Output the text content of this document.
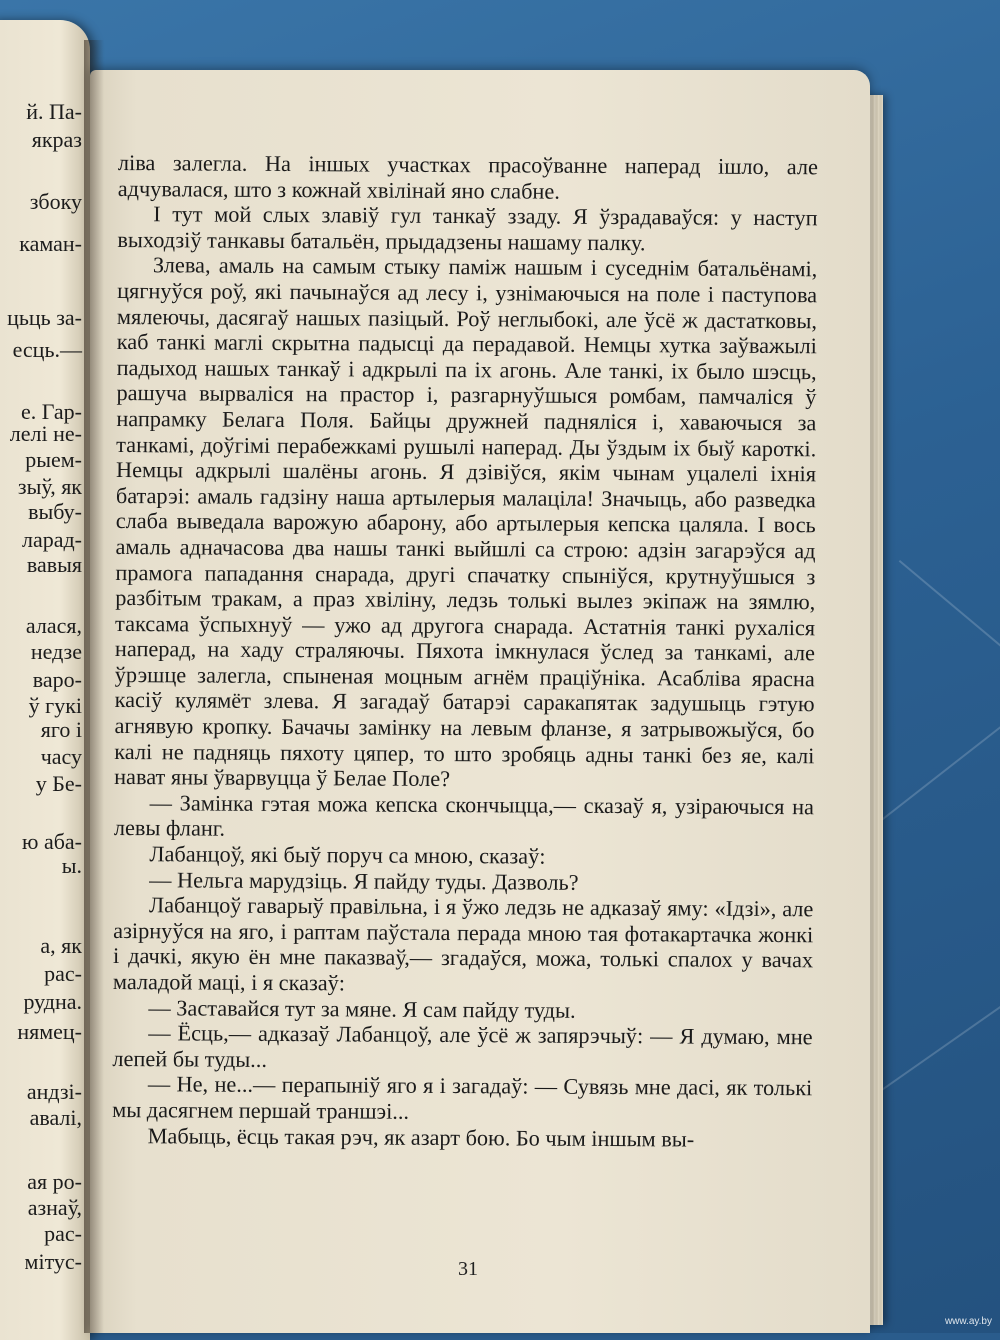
й. Па-
якраз
збоку
каман-
цьць за-
есць.—
е. Гар-
лелі не-
рыем-
зыў, як
выбу-
ларад-
вавыя
алася,
недзе
варо-
ў гукі
яго і
часу
у Бе-
ю аба-
ы.
а, як
рас-
рудна.
нямец-
андзі-
авалі,
ая ро-
азнаў,
рас-
мітус-

ліва залегла. На іншых участках прасоўванне наперад ішло, але адчувалася, што з кожнай хвілінай яно слабне.

І тут мой слых злавіў гул танкаў ззаду. Я ўзрадаваўся: у наступ выходзіў танкавы батальён, прыдадзены нашаму палку.

Злева, амаль на самым стыку паміж нашым і суседнім батальёнамі, цягнуўся роў, які пачынаўся ад лесу і, узнімаючыся на поле і паступова мялеючы, дасягаў нашых пазіцый. Роў неглыбокі, але ўсё ж дастатковы, каб танкі маглі скрытна падысці да перадавой. Немцы хутка заўважылі падыход нашых танкаў і адкрылі па іх агонь. Але танкі, іх было шэсць, рашуча вырваліся на прастор і, разгарнуўшыся ромбам, памчаліся ў напрамку Белага Поля. Байцы дружней падняліся і, хаваючыся за танкамі, доўгімі перабежкамі рушылі наперад. Ды ўздым іх быў кароткі. Немцы адкрылі шалёны агонь. Я дзівіўся, якім чынам уцалелі іхнія батарэі: амаль гадзіну наша артылерыя малаціла! Значыць, або разведка слаба выведала варожую абарону, або артылерыя кепска цаляла. І вось амаль адначасова два нашы танкі выйшлі са строю: адзін загарэўся ад прамога пападання снарада, другі спачатку спыніўся, крутнуўшыся з разбітым тракам, а праз хвіліну, ледзь толькі вылез экіпаж на зямлю, таксама ўспыхнуў — ужо ад другога снарада. Астатнія танкі рухаліся наперад, на хаду страляючы. Пяхота імкнулася ўслед за танкамі, але ўрэшце залегла, спыненая моцным агнём праціўніка. Асабліва ярасна касіў кулямёт злева. Я загадаў батарэі саракапятак задушыць гэтую агнявую кропку. Бачачы замінку на левым фланзе, я затрывожыўся, бо калі не падняць пяхоту цяпер, то што зробяць адны танкі без яе, калі нават яны ўварвуцца ў Белае Поле?

— Замінка гэтая можа кепска скончыцца,— сказаў я, узіраючыся на левы фланг.

Лабанцоў, які быў поруч са мною, сказаў:

— Нельга марудзіць. Я пайду туды. Дазволь?

Лабанцоў гаварыў правільна, і я ўжо ледзь не адказаў яму: «Ідзі», але азірнуўся на яго, і раптам паўстала перада мною тая фотакартачка жонкі і дачкі, якую ён мне паказваў,— згадаўся, можа, толькі спалох у вачах маладой маці, і я сказаў:

— Заставайся тут за мяне. Я сам пайду туды.

— Ёсць,— адказаў Лабанцоў, але ўсё ж запярэчыў: — Я думаю, мне лепей бы туды...

— Не, не...— перапыніў яго я і загадаў: — Сувязь мне дасі, як толькі мы дасягнем першай траншэі...

Мабыць, ёсць такая рэч, як азарт бою. Бо чым іншым вы-

31
www.ay.by
